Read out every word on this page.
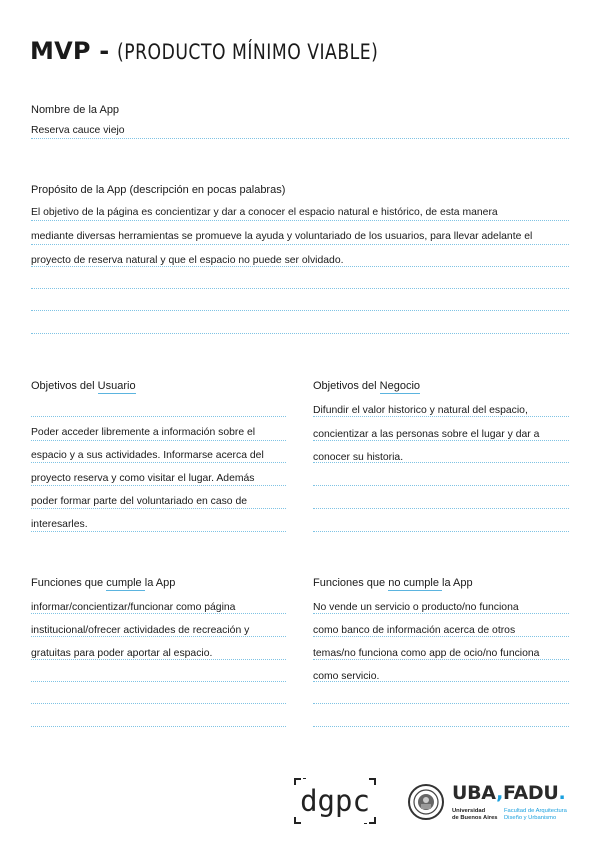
MVP - (PRODUCTO MÍNIMO VIABLE)
Nombre de la App
Reserva cauce viejo
Propósito de la App (descripción en pocas palabras)
El objetivo de la página es concientizar y dar a conocer el espacio natural e histórico, de esta manera
mediante diversas herramientas se promueve la ayuda y voluntariado de los usuarios, para llevar adelante el
proyecto de reserva natural y que el espacio no puede ser olvidado.
Objetivos del Usuario
Poder acceder libremente a información sobre el
espacio y a sus actividades. Informarse acerca del
proyecto reserva y como visitar el lugar. Además
poder formar parte del voluntariado en caso de
interesarles.
Objetivos del Negocio
Difundir el valor historico y natural del espacio,
concientizar a las personas sobre el lugar y dar a
conocer su historia.
Funciones que cumple la App
informar/concientizar/funcionar como página
institucional/ofrecer actividades de recreación y
gratuitas para poder aportar al espacio.
Funciones que no cumple la App
No vende un servicio o producto/no funciona
como banco de información acerca de otros
temas/no funciona como app de ocio/no funciona
como servicio.
dgpc	UBA,FADU.
Universidad
de Buenos Aires
Facultad de Arquitectura
Diseño y Urbanismo
